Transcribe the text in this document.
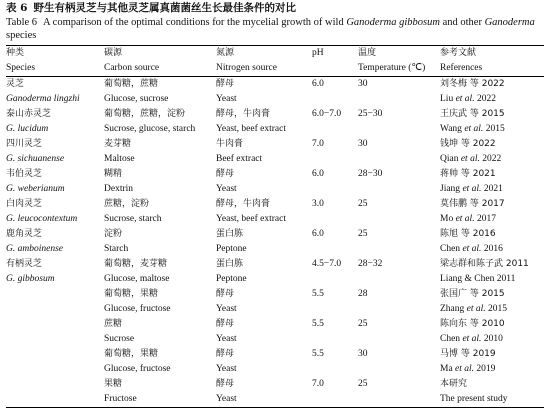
表 6 野生有柄灵芝与其他灵芝属真菌菌丝生长最佳条件的对比
Table 6 A comparison of the optimal conditions for the mycelial growth of wild Ganoderma gibbosum and other Ganoderma species
种类	碳源	氮源	pH	温度	参考文献
Species	Carbon source	Nitrogen source		Temperature (℃)	References
灵芝	葡萄糖，蔗糖	酵母	6.0	30	刘冬梅 等 2022
Ganoderma lingzhi	Glucose, sucrose	Yeast			Liu et al. 2022
泰山赤灵芝	葡萄糖，蔗糖，淀粉	酵母，牛肉膏	6.0−7.0	25−30	王庆武 等 2015
G. lucidum	Sucrose, glucose, starch	Yeast, beef extract			Wang et al. 2015
四川灵芝	麦芽糖	牛肉膏	7.0	30	钱坤 等 2022
G. sichuanense	Maltose	Beef extract			Qian et al. 2022
韦伯灵芝	糊精	酵母	6.0	28−30	蒋帅 等 2021
G. weberianum	Dextrin	Yeast			Jiang et al. 2021
白肉灵芝	蔗糖，淀粉	酵母，牛肉膏	3.0	25	莫伟鹏 等 2017
G. leucocontextum	Sucrose, starch	Yeast, beef extract			Mo et al. 2017
鹿角灵芝	淀粉	蛋白胨	6.0	25	陈旭 等 2016
G. amboinense	Starch	Peptone			Chen et al. 2016
有柄灵芝	葡萄糖，麦芽糖	蛋白胨	4.5−7.0	28−32	梁志群和陈子武 2011
G. gibbosum	Glucose, maltose	Peptone			Liang & Chen 2011
	葡萄糖，果糖	酵母	5.5	28	张国广 等 2015
	Glucose, fructose	Yeast			Zhang et al. 2015
	蔗糖	酵母	5.5	25	陈向东 等 2010
	Sucrose	Yeast			Chen et al. 2010
	葡萄糖，果糖	酵母	5.5	30	马博 等 2019
	Glucose, fructose	Yeast			Ma et al. 2019
	果糖	酵母	7.0	25	本研究
	Fructose	Yeast			The present study
